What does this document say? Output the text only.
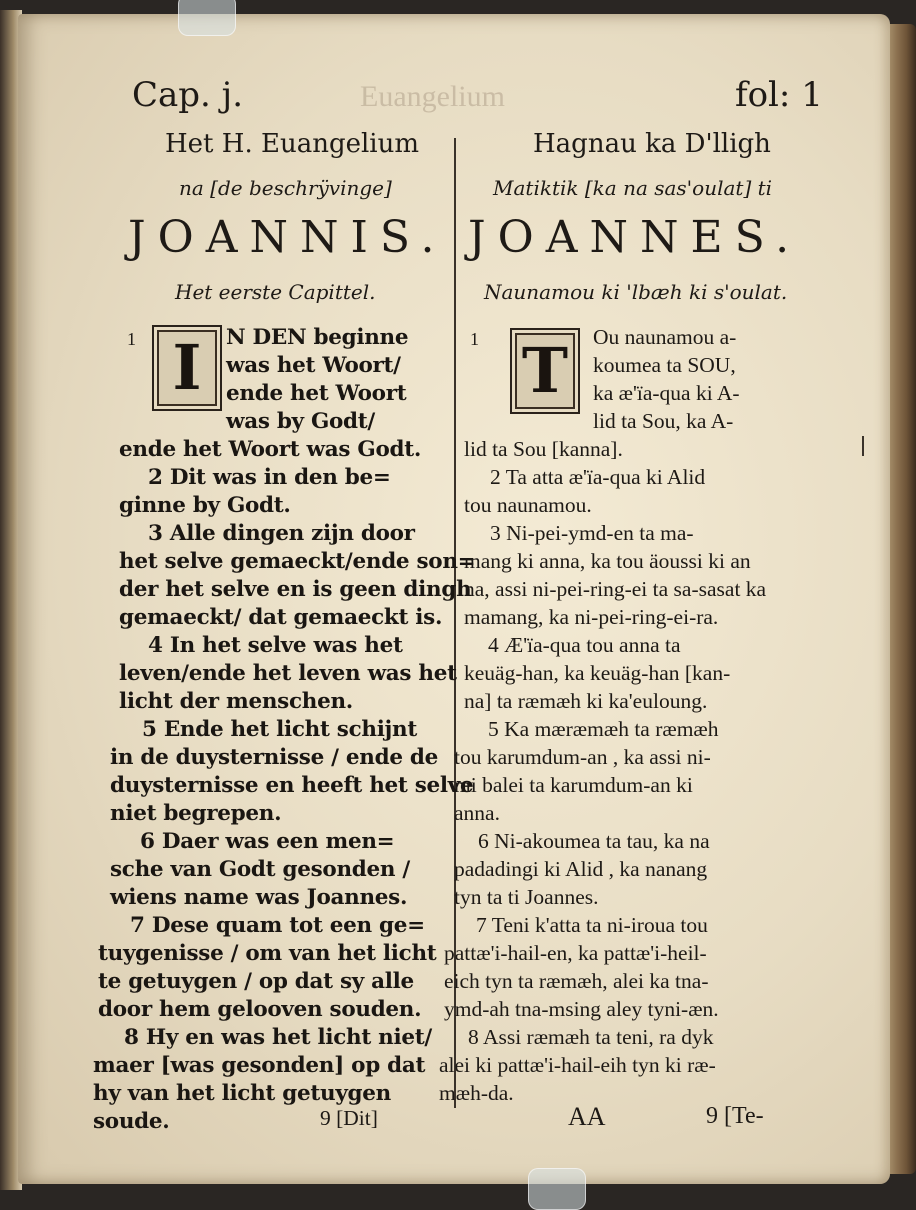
Euangelium
Cap. j.	fol: 1
Het H. Euangelium
na [de beschrÿvinge]
JOANNIS.
Het eerste Capittel.
1 I N DEN beginne
was het Woort/
ende het Woort
was by Godt/
ende het Woort was Godt.
2 Dit was in den be=
ginne by Godt.
3 Alle dingen zijn door
het selve gemaeckt/ende son=
der het selve en is geen dingh
gemaeckt/ dat gemaeckt is.
4 In het selve was het
leven/ende het leven was het
licht der menschen.
5 Ende het licht schijnt
in de duysternisse / ende de
duysternisse en heeft het selve
niet begrepen.
6 Daer was een men=
sche van Godt gesonden /
wiens name was Joannes.
7 Dese quam tot een ge=
tuygenisse / om van het licht
te getuygen / op dat sy alle
door hem gelooven souden.
8 Hy en was het licht niet/
maer [was gesonden] op dat
hy van het licht getuygen
soude.	9 [Dit]
Hagnau ka D'lligh
Matiktik [ka na sas'oulat] ti
JOANNES.
Naunamou ki 'lbæh ki s'oulat.
1 T Ou naunamou a-
koumea ta SOU,
ka æ'ïa-qua ki A-
lid ta Sou, ka A-
lid ta Sou [kanna].
2 Ta atta æ'ïa-qua ki Alid
tou naunamou.
3 Ni-pei-ymd-en ta ma-
mang ki anna, ka tou äoussi ki an
na, assi ni-pei-ring-ei ta sa-sasat ka
mamang, ka ni-pei-ring-ei-ra.
4 Æ'ïa-qua tou anna ta
keuäg-han, ka keuäg-han [kan-
na] ta ræmæh ki ka'euloung.
5 Ka mæræmæh ta ræmæh
tou karumdum-an , ka assi ni-
mi balei ta karumdum-an ki
anna.
6 Ni-akoumea ta tau, ka na
padadingi ki Alid , ka nanang
tyn ta ti Joannes.
7 Teni k'atta ta ni-iroua tou
pattæ'i-hail-en, ka pattæ'i-heil-
eich tyn ta ræmæh, alei ka tna-
ymd-ah tna-msing aley tyni-æn.
8 Assi ræmæh ta teni, ra dyk
alei ki pattæ'i-hail-eih tyn ki ræ-
mæh-da.
AA	9 [Te-
